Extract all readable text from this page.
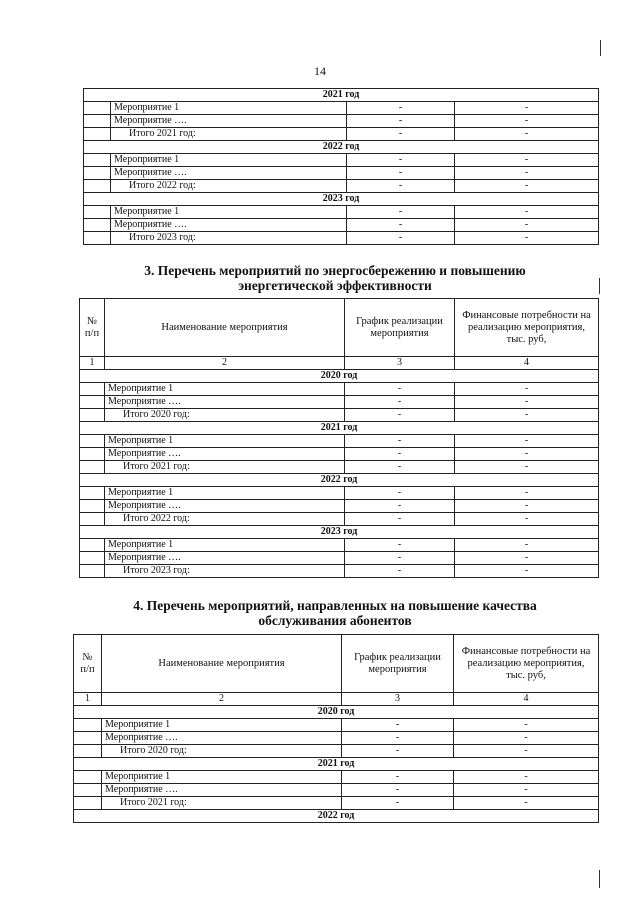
14
2021 год			
	Мероприятие 1	-	-
	Мероприятие ….	-	-
	Итого 2021 год:	-	-
2022 год			
	Мероприятие 1	-	-
	Мероприятие ….	-	-
	Итого 2022 год:	-	-
2023 год			
	Мероприятие 1	-	-
	Мероприятие ….	-	-
	Итого 2023 год:	-	-
3. Перечень мероприятий по энергосбережению и повышению
энергетической эффективности
№ п/п	Наименование мероприятия	График реализации мероприятия	Финансовые потребности на реализацию мероприятия, тыс. руб,
1	2	3	4
2020 год			
	Мероприятие 1	-	-
	Мероприятие ….	-	-
	Итого 2020 год:	-	-
2021 год			
	Мероприятие 1	-	-
	Мероприятие ….	-	-
	Итого 2021 год:	-	-
2022 год			
	Мероприятие 1	-	-
	Мероприятие ….	-	-
	Итого 2022 год:	-	-
2023 год			
	Мероприятие 1	-	-
	Мероприятие ….	-	-
	Итого 2023 год:	-	-
4. Перечень мероприятий, направленных на повышение качества
обслуживания абонентов
№ п/п	Наименование мероприятия	График реализации мероприятия	Финансовые потребности на реализацию мероприятия, тыс. руб,
1	2	3	4
2020 год			
	Мероприятие 1	-	-
	Мероприятие ….	-	-
	Итого 2020 год:	-	-
2021 год			
	Мероприятие 1	-	-
	Мероприятие ….	-	-
	Итого 2021 год:	-	-
2022 год			
